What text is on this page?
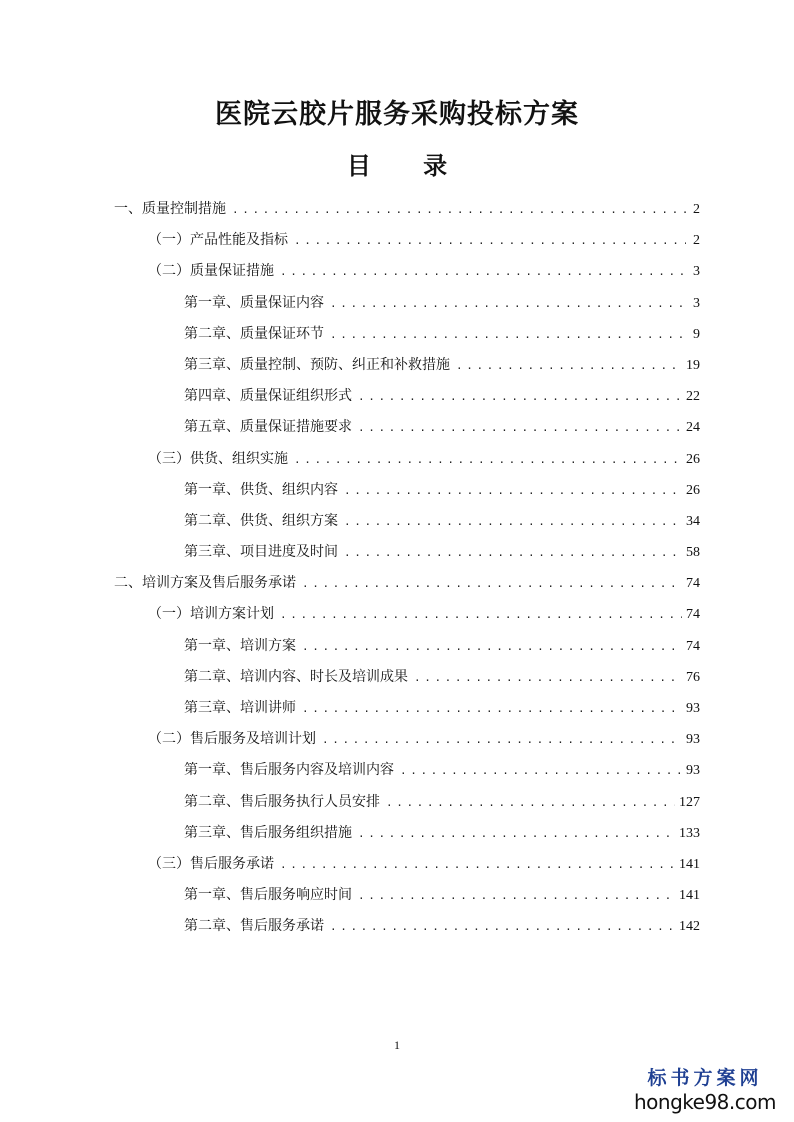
医院云胶片服务采购投标方案
目 录
一、质量控制措施 .....	2
（一）产品性能及指标 .....	2
（二）质量保证措施 .....	3
第一章、质量保证内容 .....	3
第二章、质量保证环节 .....	9
第三章、质量控制、预防、纠正和补救措施 .....	19
第四章、质量保证组织形式 .....	22
第五章、质量保证措施要求 .....	24
（三）供货、组织实施 .....	26
第一章、供货、组织内容 .....	26
第二章、供货、组织方案 .....	34
第三章、项目进度及时间 .....	58
二、培训方案及售后服务承诺 .....	74
（一）培训方案计划 .....	74
第一章、培训方案 .....	74
第二章、培训内容、时长及培训成果 .....	76
第三章、培训讲师 .....	93
（二）售后服务及培训计划 .....	93
第一章、售后服务内容及培训内容 .....	93
第二章、售后服务执行人员安排 .....	127
第三章、售后服务组织措施 .....	133
（三）售后服务承诺 .....	141
第一章、售后服务响应时间 .....	141
第二章、售后服务承诺 .....	142

1

标书方案网
hongke98.com
